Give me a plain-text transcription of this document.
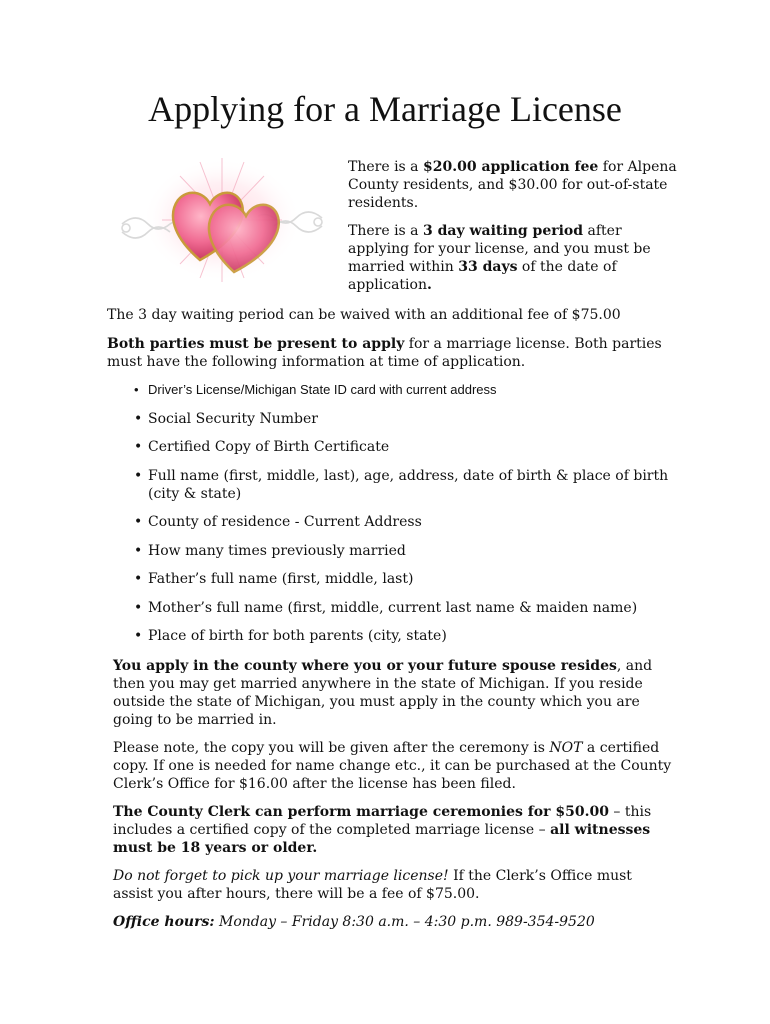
Applying for a Marriage License

There is a $20.00 application fee for Alpena County residents, and $30.00 for out-of-state residents.

There is a 3 day waiting period after applying for your license, and you must be married within 33 days of the date of application.

The 3 day waiting period can be waived with an additional fee of $75.00

Both parties must be present to apply for a marriage license. Both parties must have the following information at time of application.

• Driver’s License/Michigan State ID card with current address
• Social Security Number
• Certified Copy of Birth Certificate
• Full name (first, middle, last), age, address, date of birth & place of birth (city & state)
• County of residence - Current Address
• How many times previously married
• Father’s full name (first, middle, last)
• Mother’s full name (first, middle, current last name & maiden name)
• Place of birth for both parents (city, state)

You apply in the county where you or your future spouse resides, and then you may get married anywhere in the state of Michigan. If you reside outside the state of Michigan, you must apply in the county which you are going to be married in.

Please note, the copy you will be given after the ceremony is NOT a certified copy. If one is needed for name change etc., it can be purchased at the County Clerk’s Office for $16.00 after the license has been filed.

The County Clerk can perform marriage ceremonies for $50.00 – this includes a certified copy of the completed marriage license – all witnesses must be 18 years or older.

Do not forget to pick up your marriage license! If the Clerk’s Office must assist you after hours, there will be a fee of $75.00.

Office hours: Monday – Friday 8:30 a.m. – 4:30 p.m. 989-354-9520
